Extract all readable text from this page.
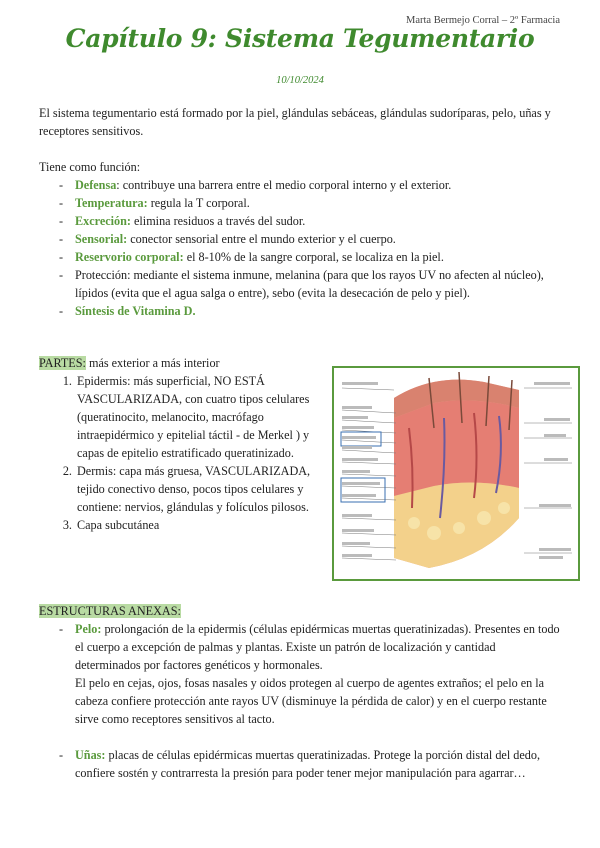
Marta Bermejo Corral – 2º Farmacia
Capítulo 9: Sistema Tegumentario
10/10/2024
El sistema tegumentario está formado por la piel, glándulas sebáceas, glándulas sudoríparas, pelo, uñas y receptores sensitivos.
Tiene como función:
- Defensa: contribuye una barrera entre el medio corporal interno y el exterior.
- Temperatura: regula la T corporal.
- Excreción: elimina residuos a través del sudor.
- Sensorial: conector sensorial entre el mundo exterior y el cuerpo.
- Reservorio corporal: el 8-10% de la sangre corporal, se localiza en la piel.
- Protección: mediante el sistema inmune, melanina (para que los rayos UV no afecten al núcleo), lípidos (evita que el agua salga o entre), sebo (evita la desecación de pelo y piel).
- Síntesis de Vitamina D.
PARTES: más exterior a más interior
1. Epidermis: más superficial, NO ESTÁ VASCULARIZADA, con cuatro tipos celulares (queratinocito, melanocito, macrófago intraepidérmico y epitelial táctil - de Merkel ) y capas de epitelio estratificado queratinizado.
2. Dermis: capa más gruesa, VASCULARIZADA, tejido conectivo denso, pocos tipos celulares y contiene: nervios, glándulas y folículos pilosos.
3. Capa subcutánea
ESTRUCTURAS ANEXAS:
- Pelo: prolongación de la epidermis (células epidérmicas muertas queratinizadas). Presentes en todo el cuerpo a excepción de palmas y plantas. Existe un patrón de localización y cantidad determinados por factores genéticos y hormonales.
El pelo en cejas, ojos, fosas nasales y oidos protegen al cuerpo de agentes extraños; el pelo en la cabeza confiere protección ante rayos UV (disminuye la pérdida de calor) y en el cuerpo restante sirve como receptores sensitivos al tacto.
- Uñas: placas de células epidérmicas muertas queratinizadas. Protege la porción distal del dedo, confiere sostén y contrarresta la presión para poder tener mejor manipulación para agarrar…
